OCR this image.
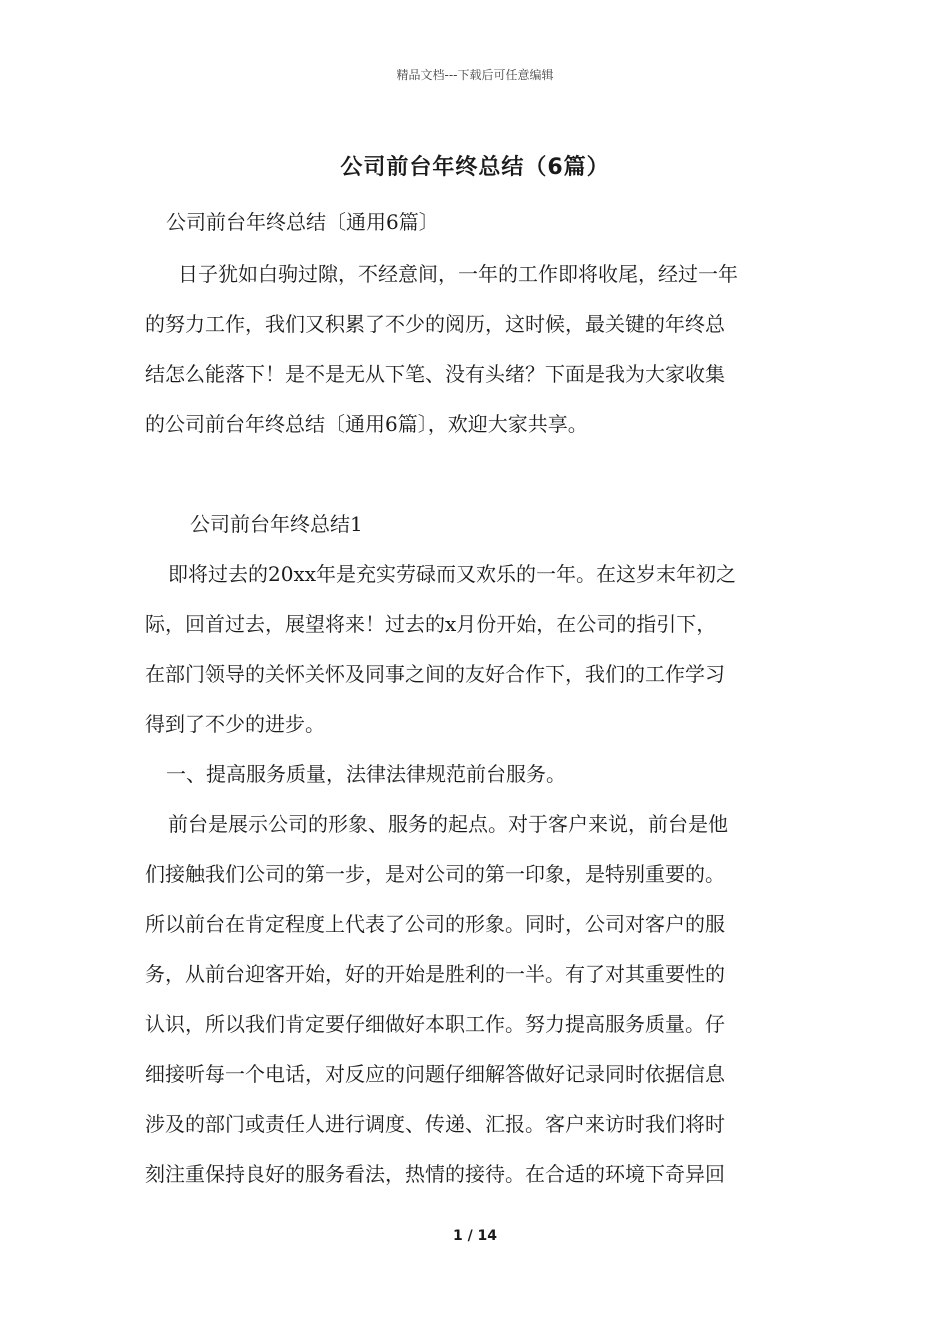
精品文档---下载后可任意编辑
公司前台年终总结（6篇）
公司前台年终总结〔通用6篇〕
日子犹如白驹过隙，不经意间，一年的工作即将收尾，经过一年
的努力工作，我们又积累了不少的阅历，这时候，最关键的年终总
结怎么能落下！是不是无从下笔、没有头绪？下面是我为大家收集
的公司前台年终总结〔通用6篇〕，欢迎大家共享。
公司前台年终总结1
即将过去的20xx年是充实劳碌而又欢乐的一年。在这岁末年初之
际，回首过去，展望将来！过去的x月份开始，在公司的指引下，
在部门领导的关怀关怀及同事之间的友好合作下，我们的工作学习
得到了不少的进步。
一、提高服务质量，法律法律规范前台服务。
前台是展示公司的形象、服务的起点。对于客户来说，前台是他
们接触我们公司的第一步，是对公司的第一印象，是特别重要的。
所以前台在肯定程度上代表了公司的形象。同时，公司对客户的服
务，从前台迎客开始，好的开始是胜利的一半。有了对其重要性的
认识，所以我们肯定要仔细做好本职工作。努力提高服务质量。仔
细接听每一个电话，对反应的问题仔细解答做好记录同时依据信息
涉及的部门或责任人进行调度、传递、汇报。客户来访时我们将时
刻注重保持良好的服务看法，热情的接待。在合适的环境下奇异回
1 / 14
